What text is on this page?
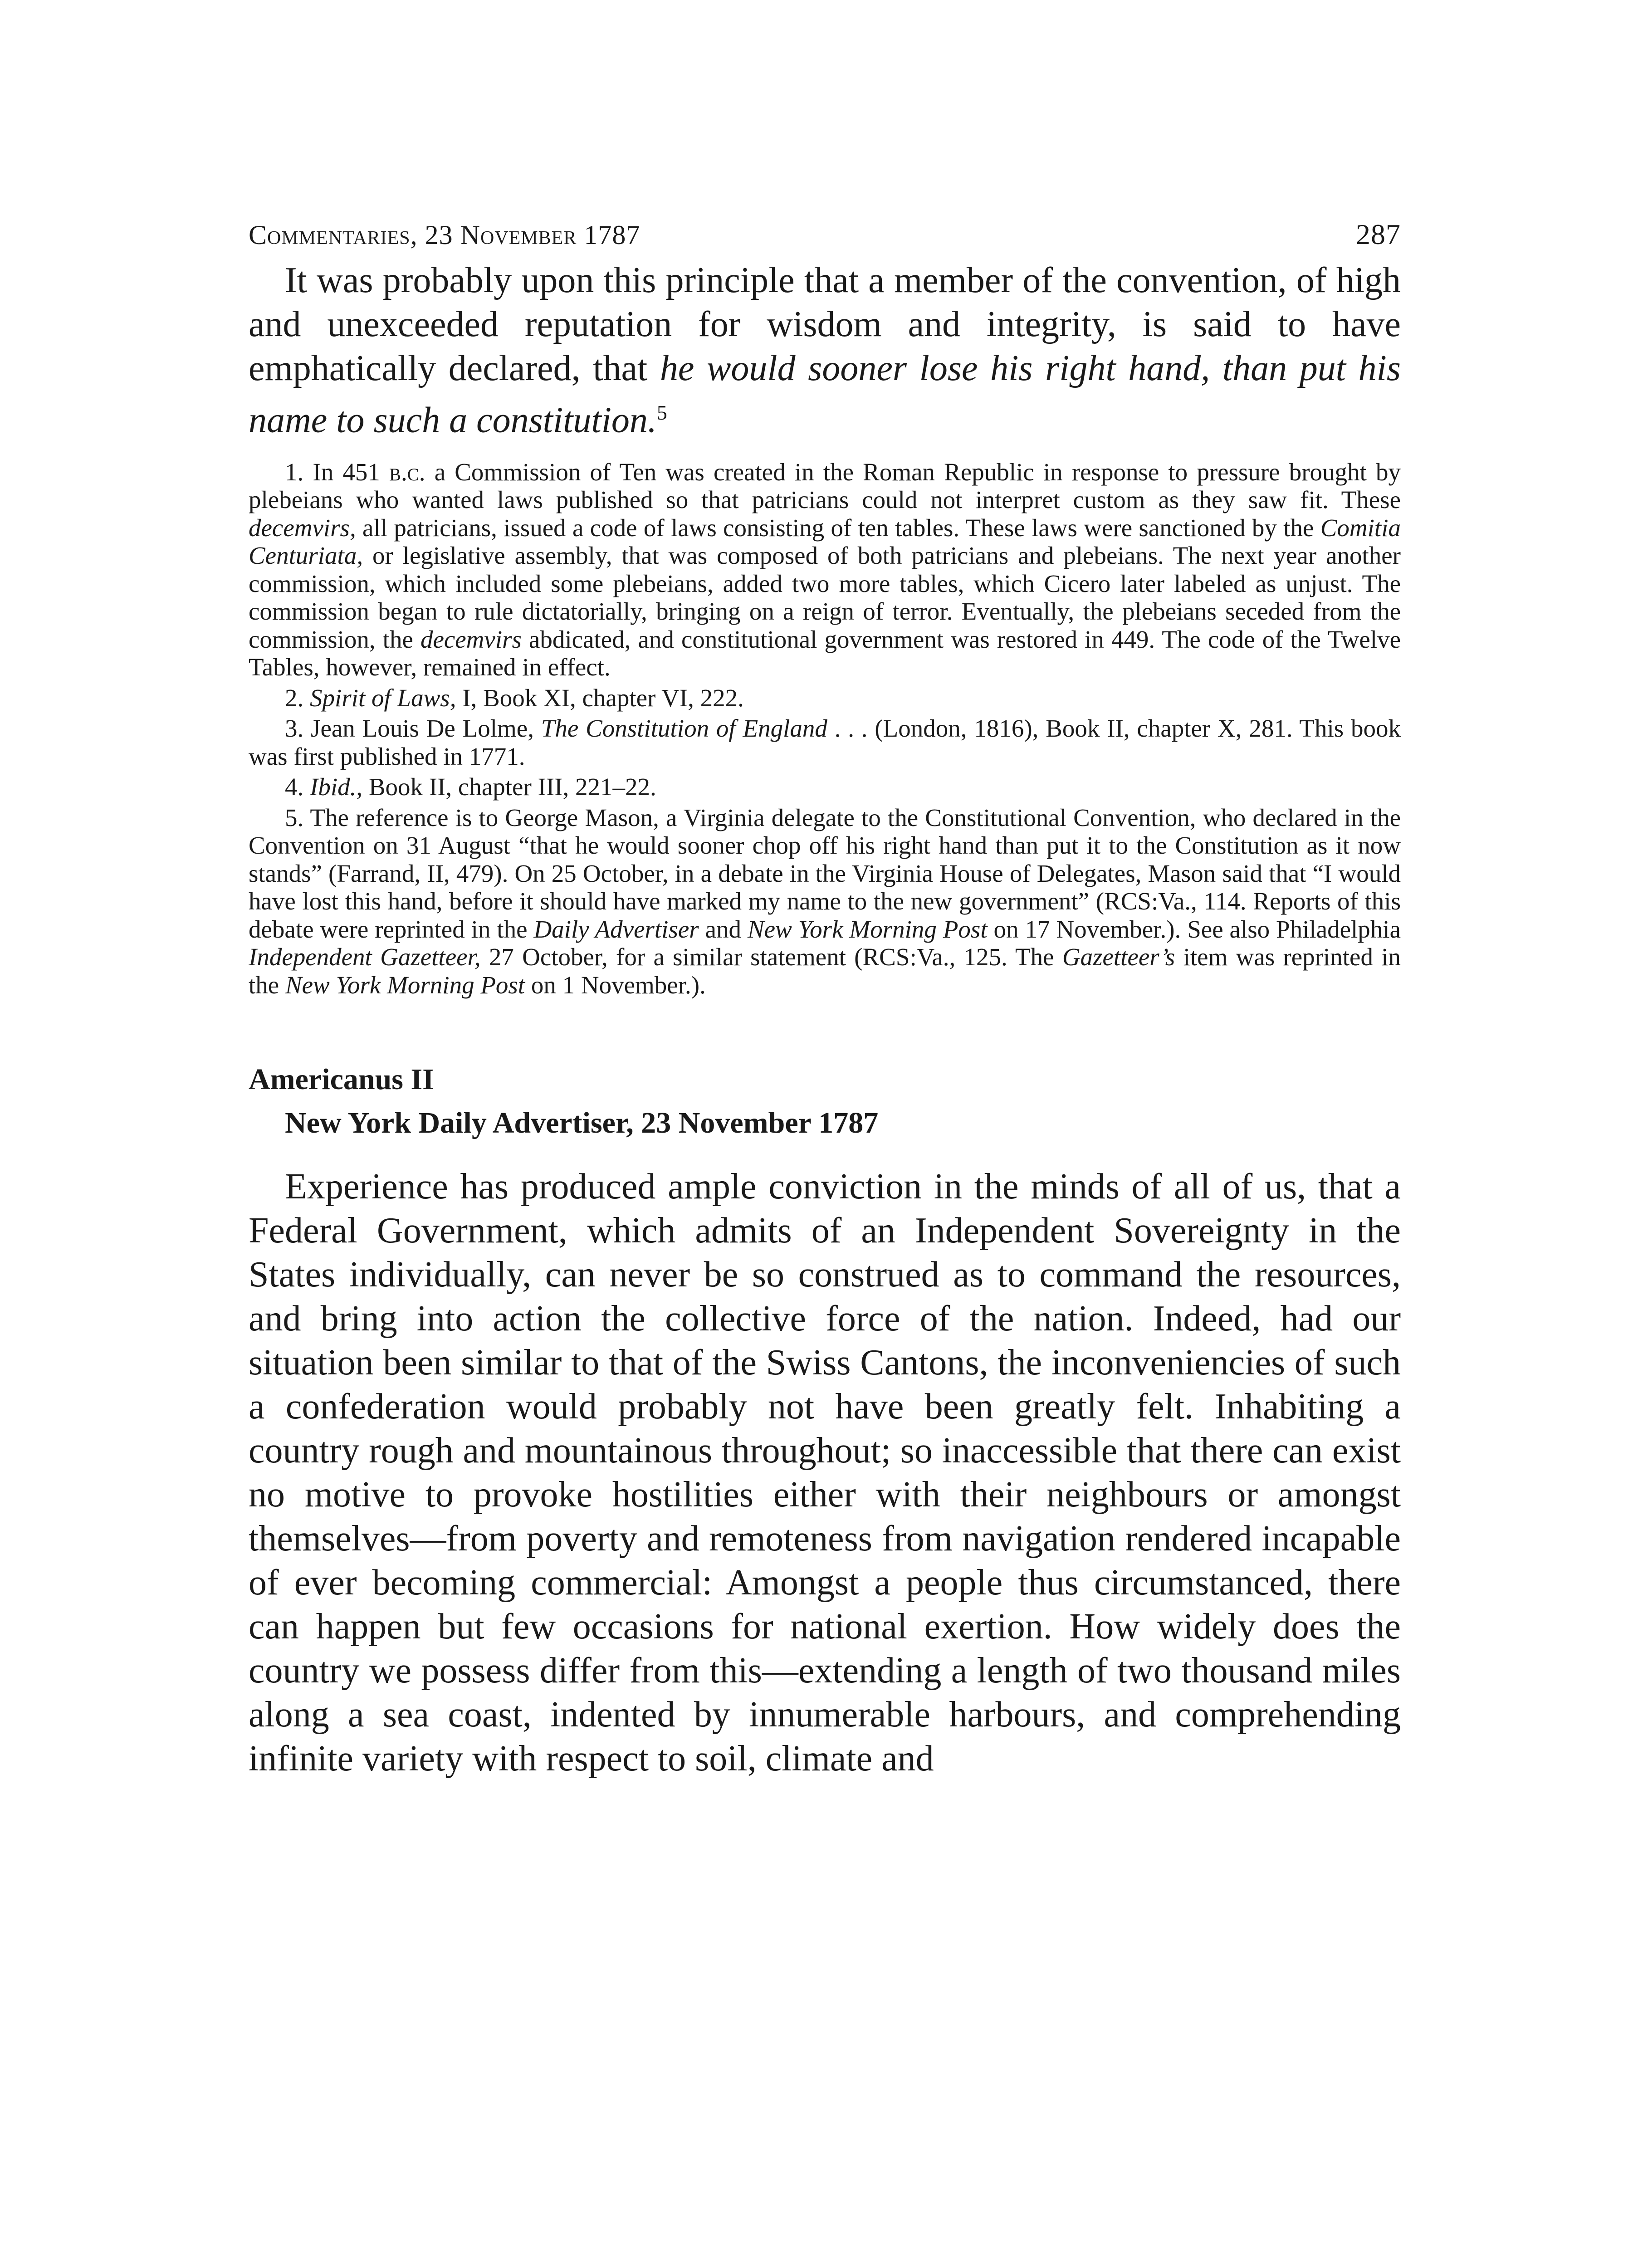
Commentaries, 23 November 1787	287

It was probably upon this principle that a member of the convention, of high and unexceeded reputation for wisdom and integrity, is said to have emphatically declared, that he would sooner lose his right hand, than put his name to such a constitution.$^5$

1. In 451 b.c. a Commission of Ten was created in the Roman Republic in response to pressure brought by plebeians who wanted laws published so that patricians could not interpret custom as they saw fit. These decemvirs, all patricians, issued a code of laws consisting of ten tables. These laws were sanctioned by the Comitia Centuriata, or legislative assembly, that was composed of both patricians and plebeians. The next year another commission, which included some plebeians, added two more tables, which Cicero later labeled as unjust. The commission began to rule dictatorially, bringing on a reign of terror. Eventually, the plebeians seceded from the commission, the decemvirs abdicated, and constitutional government was restored in 449. The code of the Twelve Tables, however, remained in effect.

2. Spirit of Laws, I, Book XI, chapter VI, 222.

3. Jean Louis De Lolme, The Constitution of England . . . (London, 1816), Book II, chapter X, 281. This book was first published in 1771.

4. Ibid., Book II, chapter III, 221–22.

5. The reference is to George Mason, a Virginia delegate to the Constitutional Convention, who declared in the Convention on 31 August “that he would sooner chop off his right hand than put it to the Constitution as it now stands” (Farrand, II, 479). On 25 October, in a debate in the Virginia House of Delegates, Mason said that “I would have lost this hand, before it should have marked my name to the new government” (RCS:Va., 114. Reports of this debate were reprinted in the Daily Advertiser and New York Morning Post on 17 November.). See also Philadelphia Independent Gazetteer, 27 October, for a similar statement (RCS:Va., 125. The Gazetteer’s item was reprinted in the New York Morning Post on 1 November.).

Americanus II
New York Daily Advertiser, 23 November 1787

Experience has produced ample conviction in the minds of all of us, that a Federal Government, which admits of an Independent Sovereignty in the States individually, can never be so construed as to command the resources, and bring into action the collective force of the nation. Indeed, had our situation been similar to that of the Swiss Cantons, the inconveniencies of such a confederation would probably not have been greatly felt. Inhabiting a country rough and mountainous throughout; so inaccessible that there can exist no motive to provoke hostilities either with their neighbours or amongst themselves—from poverty and remoteness from navigation rendered incapable of ever becoming commercial: Amongst a people thus circumstanced, there can happen but few occasions for national exertion. How widely does the country we possess differ from this—extending a length of two thousand miles along a sea coast, indented by innumerable harbours, and comprehending infinite variety with respect to soil, climate and
